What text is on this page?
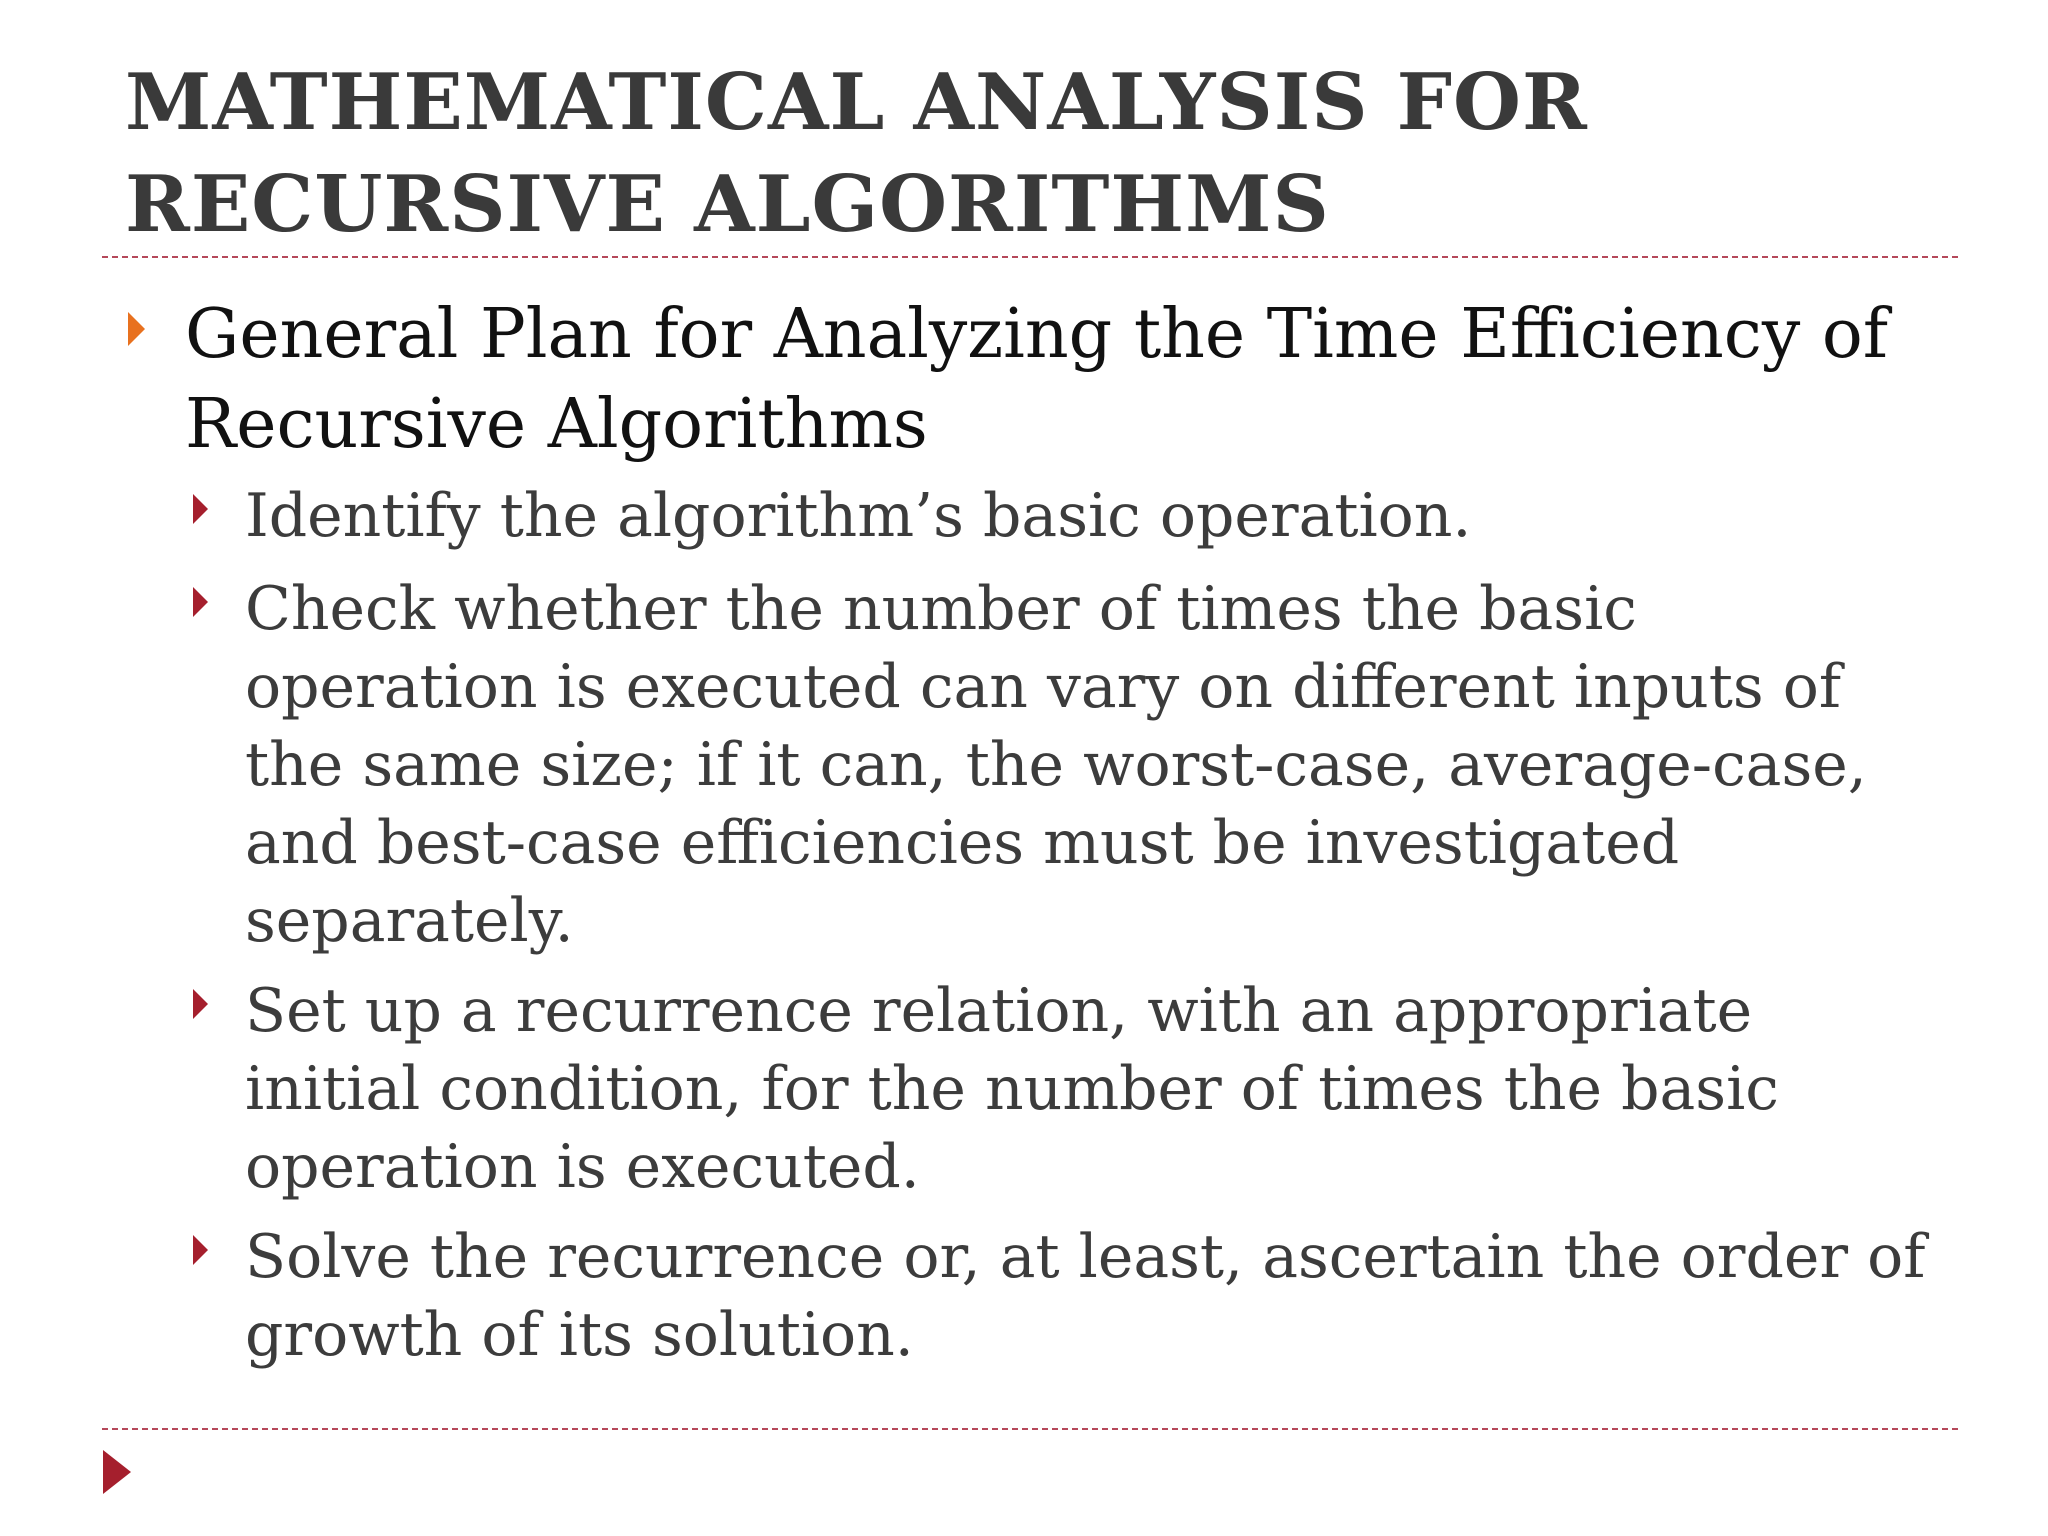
MATHEMATICAL ANALYSIS FOR RECURSIVE ALGORITHMS
General Plan for Analyzing the Time Efficiency of Recursive Algorithms
Identify the algorithm’s basic operation.
Check whether the number of times the basic operation is executed can vary on different inputs of the same size; if it can, the worst-case, average-case, and best-case efficiencies must be investigated separately.
Set up a recurrence relation, with an appropriate initial condition, for the number of times the basic operation is executed.
Solve the recurrence or, at least, ascertain the order of growth of its solution.
